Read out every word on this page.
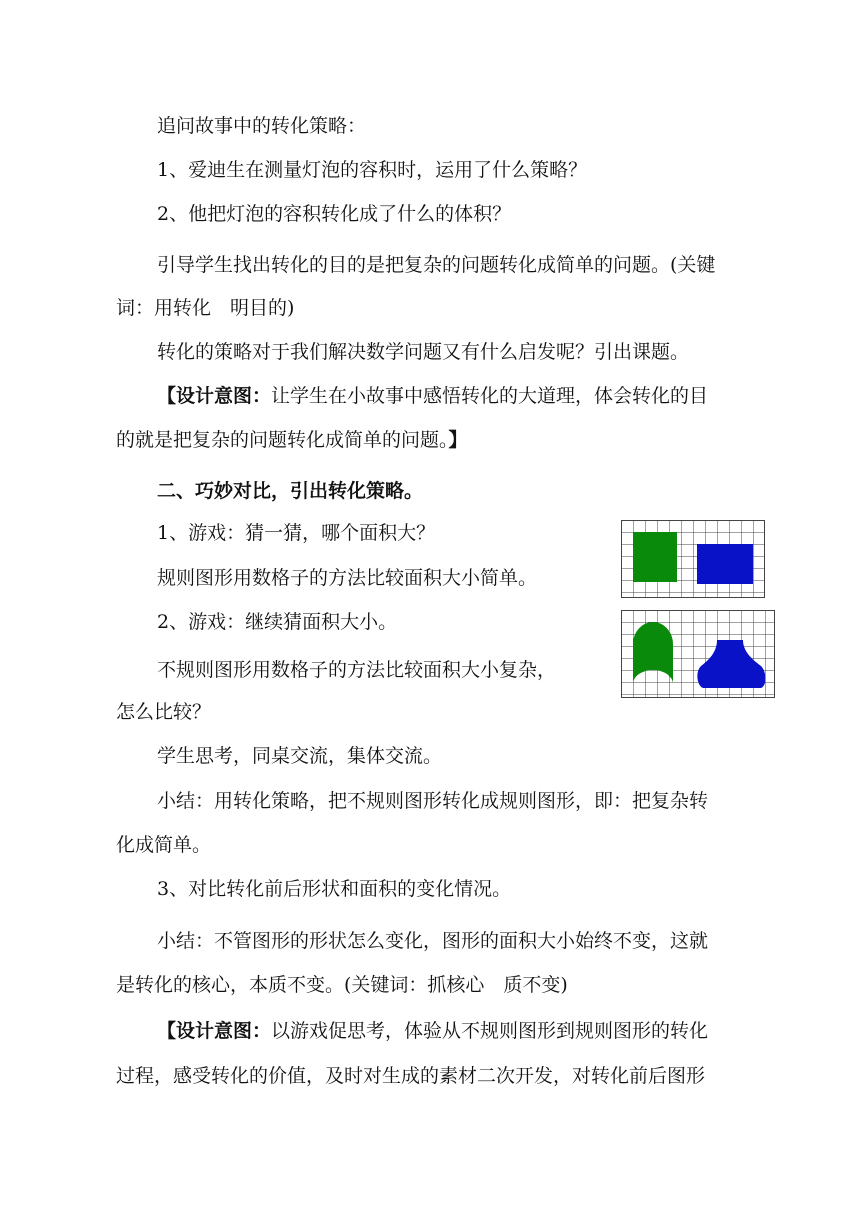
追问故事中的转化策略：
1、爱迪生在测量灯泡的容积时，运用了什么策略？
2、他把灯泡的容积转化成了什么的体积？
引导学生找出转化的目的是把复杂的问题转化成简单的问题。(关键
词：用转化　明目的)
转化的策略对于我们解决数学问题又有什么启发呢？引出课题。
【设计意图：让学生在小故事中感悟转化的大道理，体会转化的目
的就是把复杂的问题转化成简单的问题。】
二、巧妙对比，引出转化策略。
1、游戏：猜一猜，哪个面积大？
规则图形用数格子的方法比较面积大小简单。
2、游戏：继续猜面积大小。
不规则图形用数格子的方法比较面积大小复杂，
怎么比较？
学生思考，同桌交流，集体交流。
小结：用转化策略，把不规则图形转化成规则图形，即：把复杂转
化成简单。
3、对比转化前后形状和面积的变化情况。
小结：不管图形的形状怎么变化，图形的面积大小始终不变，这就
是转化的核心，本质不变。(关键词：抓核心　质不变)
【设计意图：以游戏促思考，体验从不规则图形到规则图形的转化
过程，感受转化的价值，及时对生成的素材二次开发，对转化前后图形
